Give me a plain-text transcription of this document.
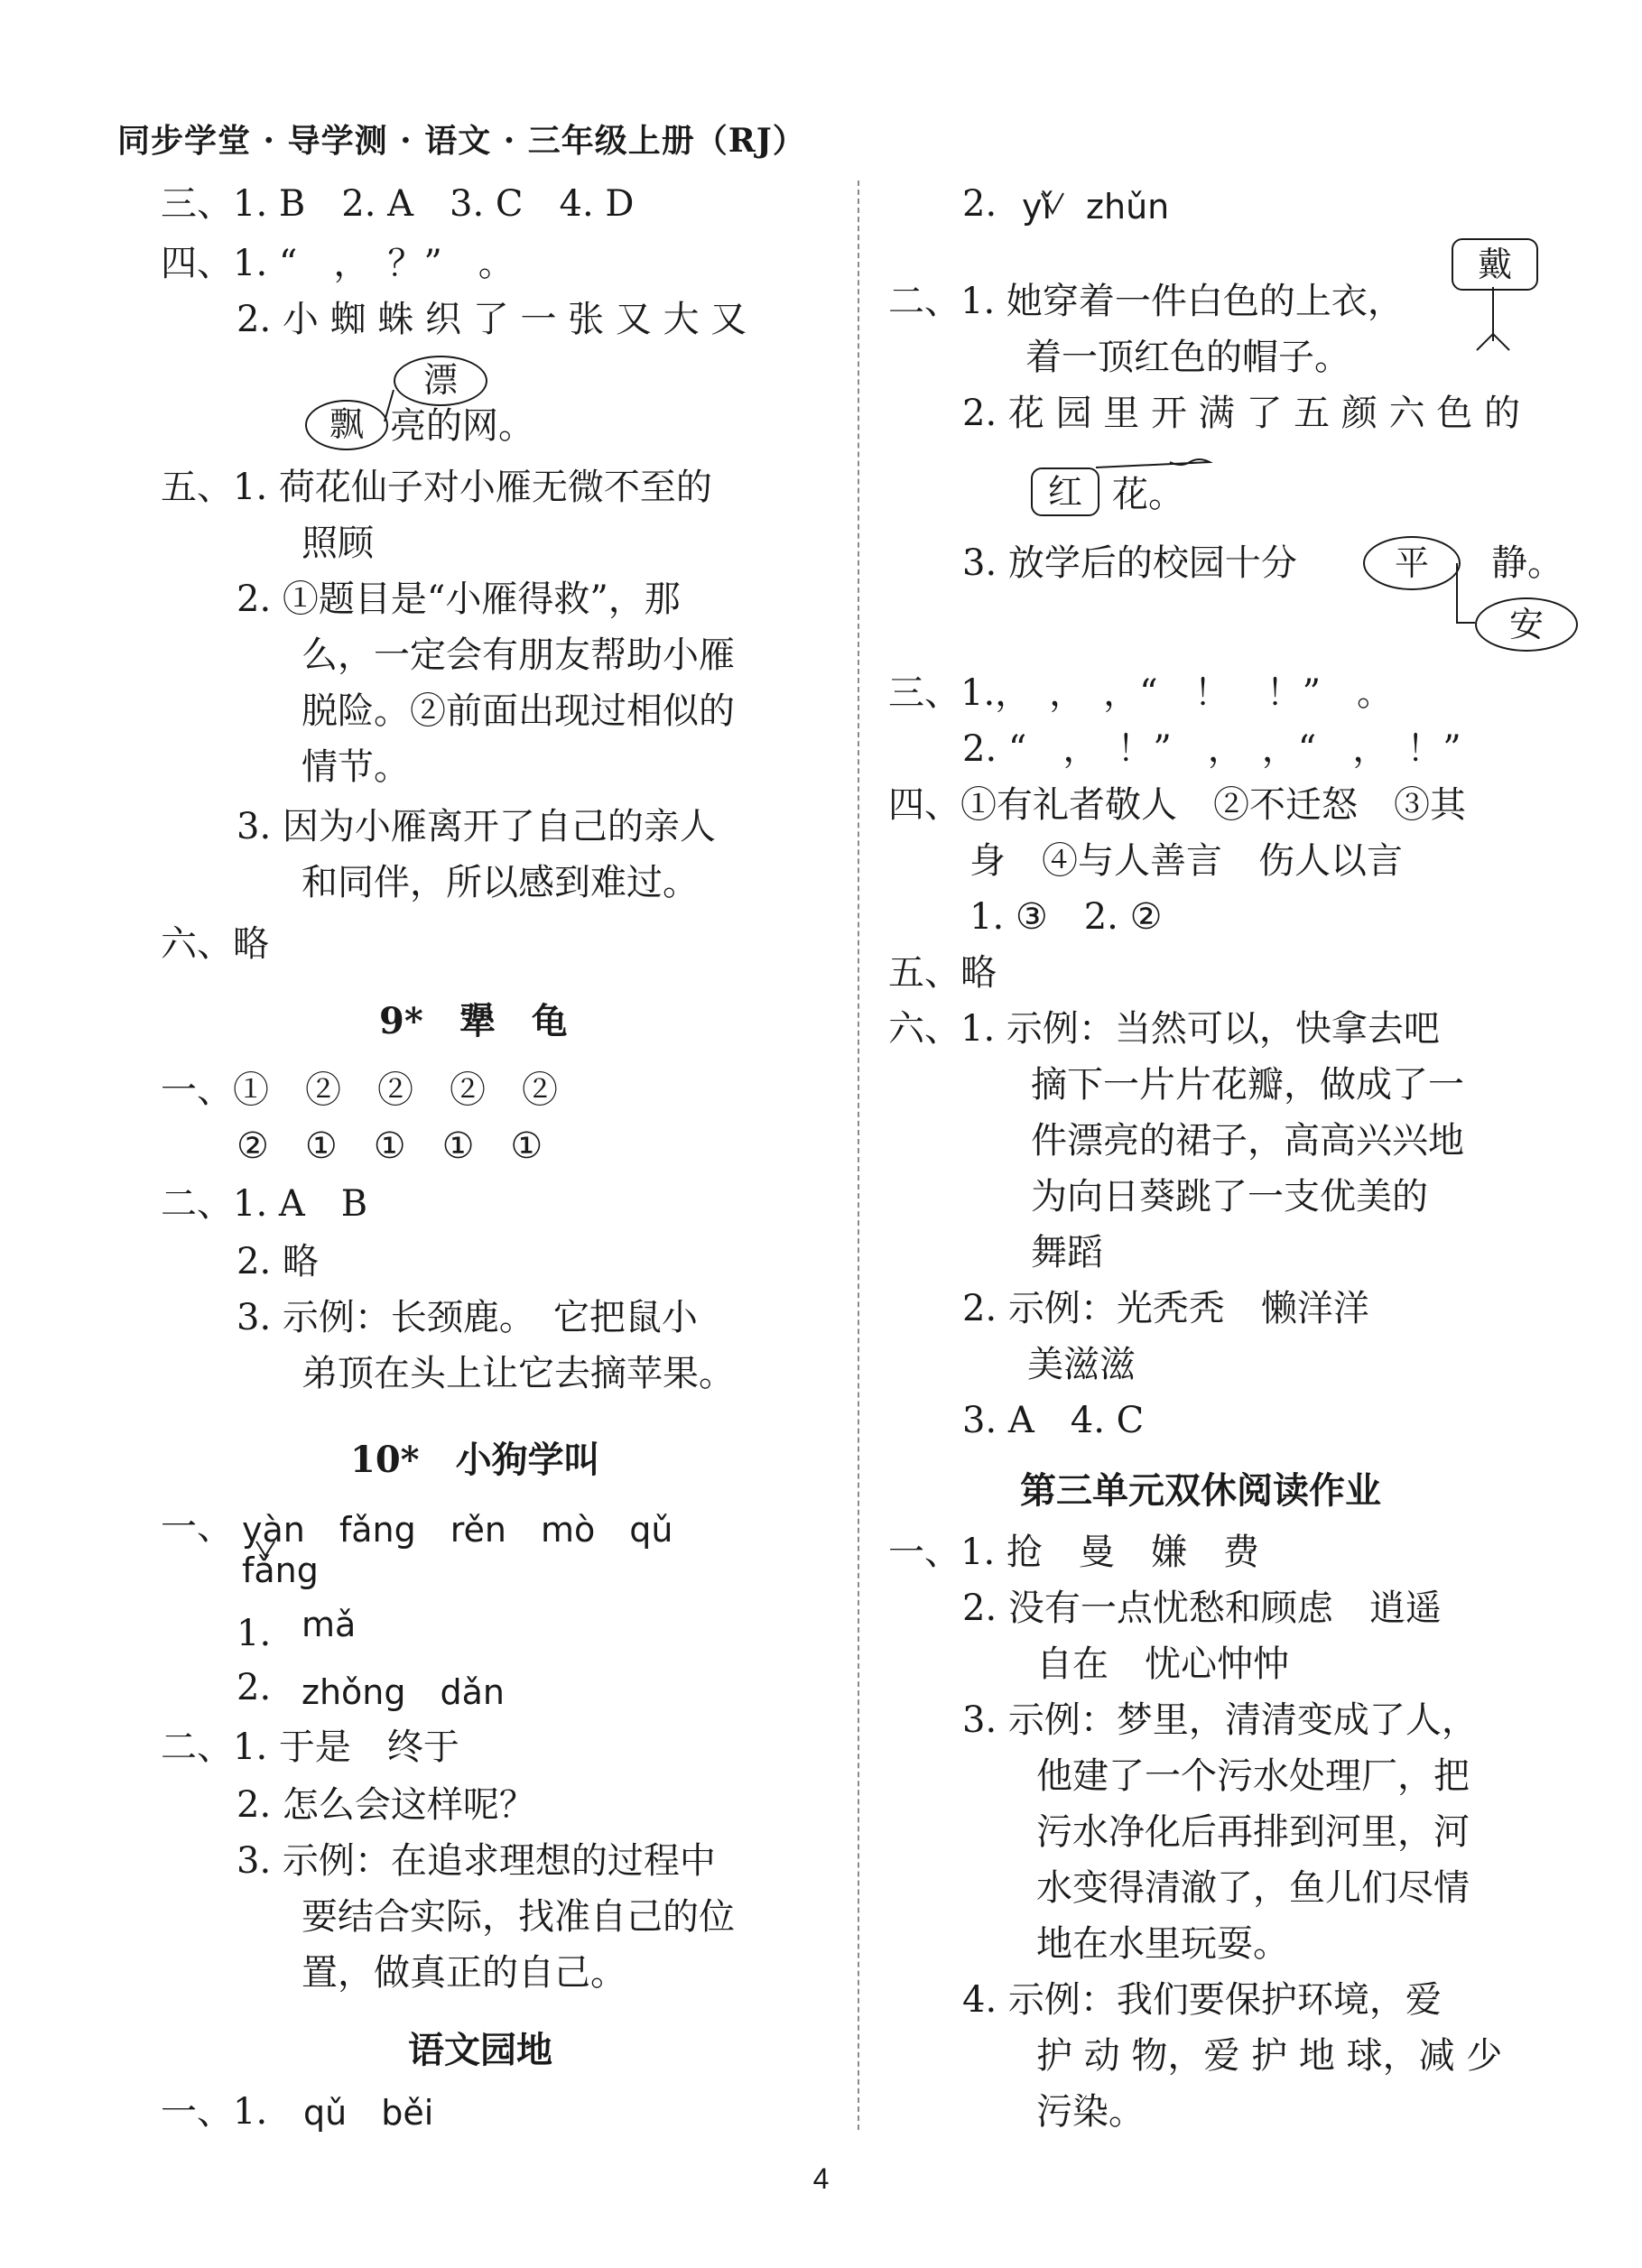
同步学堂 · 导学测 · 语文 · 三年级上册（RJ）
三、1. B　2. A　3. C　4. D
四、1. “　，　？”　。
2. 小 蜘 蛛 织 了 一 张 又 大 又
飘
漂
亮的网。
五、1. 荷花仙子对小雁无微不至的
照顾
2. ①题目是“小雁得救”，那
么，一定会有朋友帮助小雁
脱险。②前面出现过相似的
情节。
3. 因为小雁离开了自己的亲人
和同伴，所以感到难过。
六、略
9*　犟　龟
一、①　②　②　②　②
②　①　①　①　①
二、1. A　B
2. 略
3. 示例：长颈鹿。　它把鼠小
弟顶在头上让它去摘苹果。
10*　小狗学叫
一、 yàn　fǎng　rěn　mò　qǔ
fǎng
1. mǎ
2. zhǒng　dǎn
二、1. 于是　终于
2. 怎么会这样呢？
3. 示例：在追求理想的过程中
要结合实际，找准自己的位
置，做真正的自己。
语文园地
一、1. qǔ　běi
2. yǐ　zhǔn
二、1. 她穿着一件白色的上衣，
戴
着一顶红色的帽子。
2. 花 园 里 开 满 了 五 颜 六 色 的
红 花。
3. 放学后的校园十分	平	静。
安
三、1.，　，　，“　！　！”　。
2. “　，　！”　，　，“　，　！”
四、①有礼者敬人　②不迁怒　③其
身　④与人善言　伤人以言
1. ③　2. ②
五、略
六、1. 示例：当然可以，快拿去吧
摘下一片片花瓣，做成了一
件漂亮的裙子，高高兴兴地
为向日葵跳了一支优美的
舞蹈
2. 示例：光秃秃　懒洋洋
美滋滋
3. A　4. C
第三单元双休阅读作业
一、1. 抢　曼　嫌　费
2. 没有一点忧愁和顾虑　逍遥
自在　忧心忡忡
3. 示例：梦里，清清变成了人，
他建了一个污水处理厂，把
污水净化后再排到河里，河
水变得清澈了，鱼儿们尽情
地在水里玩耍。
4. 示例：我们要保护环境，爱
护 动 物，爱 护 地 球，减 少
污染。
4
